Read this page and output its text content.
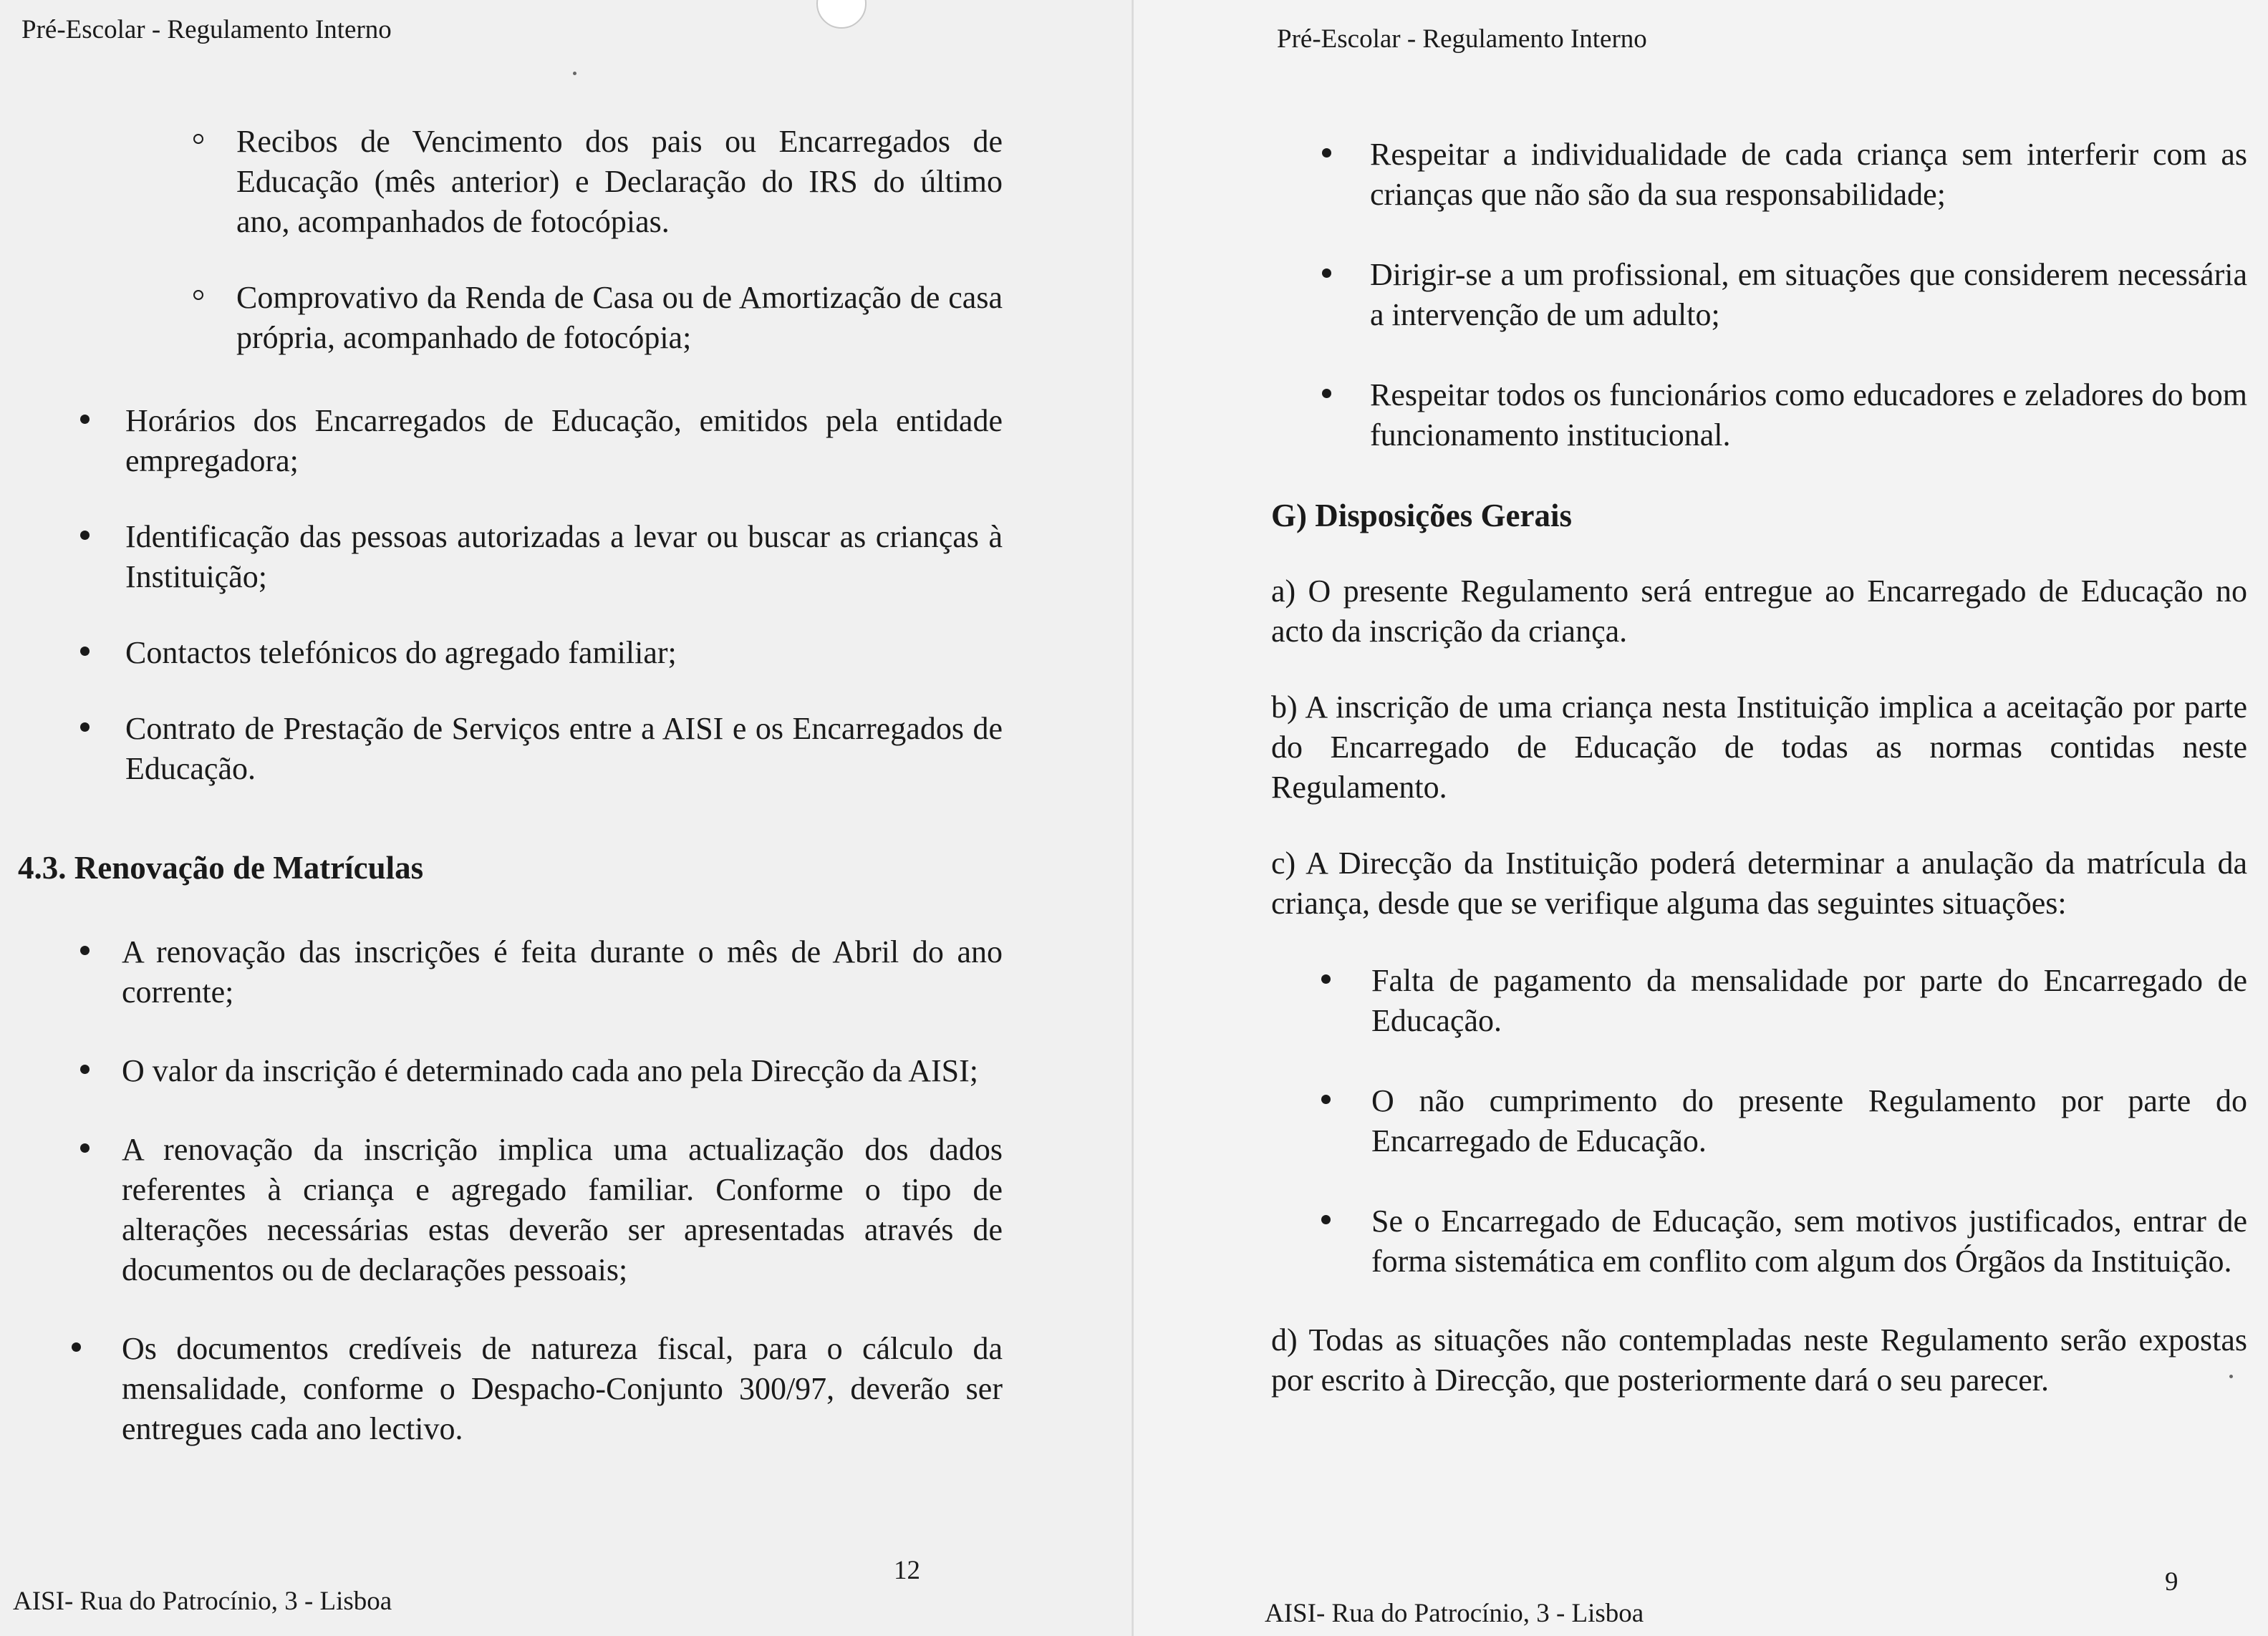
Pré-Escolar - Regulamento Interno

Recibos de Vencimento dos pais ou Encarregados de Educação (mês anterior) e Declaração do IRS do último ano, acompanhados de fotocópias.

Comprovativo da Renda de Casa ou de Amortização de casa própria, acompanhado de fotocópia;

Horários dos Encarregados de Educação, emitidos pela entidade empregadora;

Identificação das pessoas autorizadas a levar ou buscar as crianças à Instituição;

Contactos telefónicos do agregado familiar;

Contrato de Prestação de Serviços entre a AISI e os Encarregados de Educação.

4.3. Renovação de Matrículas

A renovação das inscrições é feita durante o mês de Abril do ano corrente;

O valor da inscrição é determinado cada ano pela Direcção da AISI;

A renovação da inscrição implica uma actualização dos dados referentes à criança e agregado familiar. Conforme o tipo de alterações necessárias estas deverão ser apresentadas através de documentos ou de declarações pessoais;

Os documentos credíveis de natureza fiscal, para o cálculo da mensalidade, conforme o Despacho-Conjunto 300/97, deverão ser entregues cada ano lectivo.

12
AISI- Rua do Patrocínio, 3 - Lisboa
Pré-Escolar - Regulamento Interno

Respeitar a individualidade de cada criança sem interferir com as crianças que não são da sua responsabilidade;

Dirigir-se a um profissional, em situações que considerem necessária a intervenção de um adulto;

Respeitar todos os funcionários como educadores e zeladores do bom funcionamento institucional.

G) Disposições Gerais

a) O presente Regulamento será entregue ao Encarregado de Educação no acto da inscrição da criança.

b) A inscrição de uma criança nesta Instituição implica a aceitação por parte do Encarregado de Educação de todas as normas contidas neste Regulamento.

c) A Direcção da Instituição poderá determinar a anulação da matrícula da criança, desde que se verifique alguma das seguintes situações:

Falta de pagamento da mensalidade por parte do Encarregado de Educação.

O não cumprimento do presente Regulamento por parte do Encarregado de Educação.

Se o Encarregado de Educação, sem motivos justificados, entrar de forma sistemática em conflito com algum dos Órgãos da Instituição.

d) Todas as situações não contempladas neste Regulamento serão expostas por escrito à Direcção, que posteriormente dará o seu parecer.

9
AISI- Rua do Patrocínio, 3 - Lisboa
